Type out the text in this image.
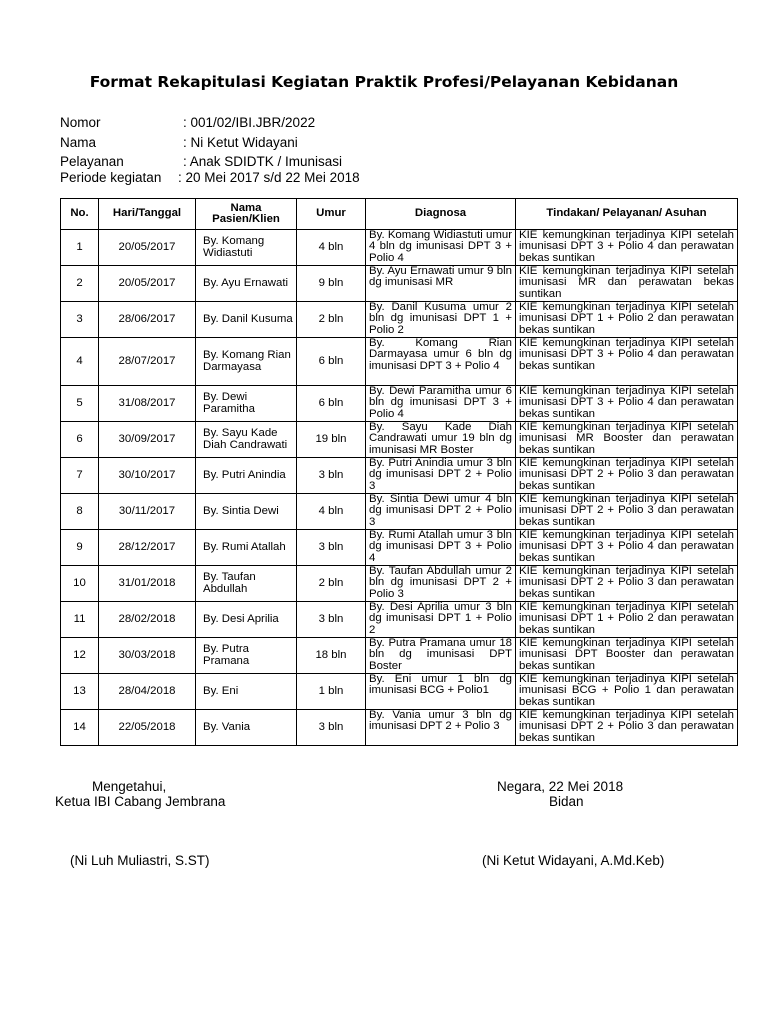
Format Rekapitulasi Kegiatan Praktik Profesi/Pelayanan Kebidanan
Nomor	: 001/02/IBI.JBR/2022
Nama	: Ni Ketut Widayani
Pelayanan	: Anak SDIDTK / Imunisasi
Periode kegiatan : 20 Mei 2017 s/d 22 Mei 2018
No.	Hari/Tanggal	Nama Pasien/Klien	Umur	Diagnosa	Tindakan/ Pelayanan/ Asuhan
1	20/05/2017	By. Komang Widiastuti	4 bln	By. Komang Widiastuti umur 4 bln dg imunisasi DPT 3 + Polio 4	KIE kemungkinan terjadinya KIPI setelah imunisasi DPT 3 + Polio 4 dan perawatan bekas suntikan
2	20/05/2017	By. Ayu Ernawati	9 bln	By. Ayu Ernawati umur 9 bln dg imunisasi MR	KIE kemungkinan terjadinya KIPI setelah imunisasi MR dan perawatan bekas suntikan
3	28/06/2017	By. Danil Kusuma	2 bln	By. Danil Kusuma umur 2 bln dg imunisasi DPT 1 + Polio 2	KIE kemungkinan terjadinya KIPI setelah imunisasi DPT 1 + Polio 2 dan perawatan bekas suntikan
4	28/07/2017	By. Komang Rian Darmayasa	6 bln	By. Komang Rian Darmayasa umur 6 bln dg imunisasi DPT 3 + Polio 4	KIE kemungkinan terjadinya KIPI setelah imunisasi DPT 3 + Polio 4 dan perawatan bekas suntikan
5	31/08/2017	By. Dewi Paramitha	6 bln	By. Dewi Paramitha umur 6 bln dg imunisasi DPT 3 + Polio 4	KIE kemungkinan terjadinya KIPI setelah imunisasi DPT 3 + Polio 4 dan perawatan bekas suntikan
6	30/09/2017	By. Sayu Kade Diah Candrawati	19 bln	By. Sayu Kade Diah Candrawati umur 19 bln dg imunisasi MR Boster	KIE kemungkinan terjadinya KIPI setelah imunisasi MR Booster dan perawatan bekas suntikan
7	30/10/2017	By. Putri Anindia	3 bln	By. Putri Anindia umur 3 bln dg imunisasi DPT 2 + Polio 3	KIE kemungkinan terjadinya KIPI setelah imunisasi DPT 2 + Polio 3 dan perawatan bekas suntikan
8	30/11/2017	By. Sintia Dewi	4 bln	By. Sintia Dewi umur 4 bln dg imunisasi DPT 2 + Polio 3	KIE kemungkinan terjadinya KIPI setelah imunisasi DPT 2 + Polio 3 dan perawatan bekas suntikan
9	28/12/2017	By. Rumi Atallah	3 bln	By. Rumi Atallah umur 3 bln dg imunisasi DPT 3 + Polio 4	KIE kemungkinan terjadinya KIPI setelah imunisasi DPT 3 + Polio 4 dan perawatan bekas suntikan
10	31/01/2018	By. Taufan Abdullah	2 bln	By. Taufan Abdullah umur 2 bln dg imunisasi DPT 2 + Polio 3	KIE kemungkinan terjadinya KIPI setelah imunisasi DPT 2 + Polio 3 dan perawatan bekas suntikan
11	28/02/2018	By. Desi Aprilia	3 bln	By. Desi Aprilia umur 3 bln dg imunisasi DPT 1 + Polio 2	KIE kemungkinan terjadinya KIPI setelah imunisasi DPT 1 + Polio 2 dan perawatan bekas suntikan
12	30/03/2018	By. Putra Pramana	18 bln	By. Putra Pramana umur 18 bln dg imunisasi DPT Boster	KIE kemungkinan terjadinya KIPI setelah imunisasi DPT Booster dan perawatan bekas suntikan
13	28/04/2018	By. Eni	1 bln	By. Eni umur 1 bln dg imunisasi BCG + Polio1	KIE kemungkinan terjadinya KIPI setelah imunisasi BCG + Polio 1 dan perawatan bekas suntikan
14	22/05/2018	By. Vania	3 bln	By. Vania umur 3 bln dg imunisasi DPT 2 + Polio 3	KIE kemungkinan terjadinya KIPI setelah imunisasi DPT 2 + Polio 3 dan perawatan bekas suntikan
Mengetahui,
Ketua IBI Cabang Jembrana
(Ni Luh Muliastri, S.ST)
Negara, 22 Mei 2018
Bidan
(Ni Ketut Widayani, A.Md.Keb)
